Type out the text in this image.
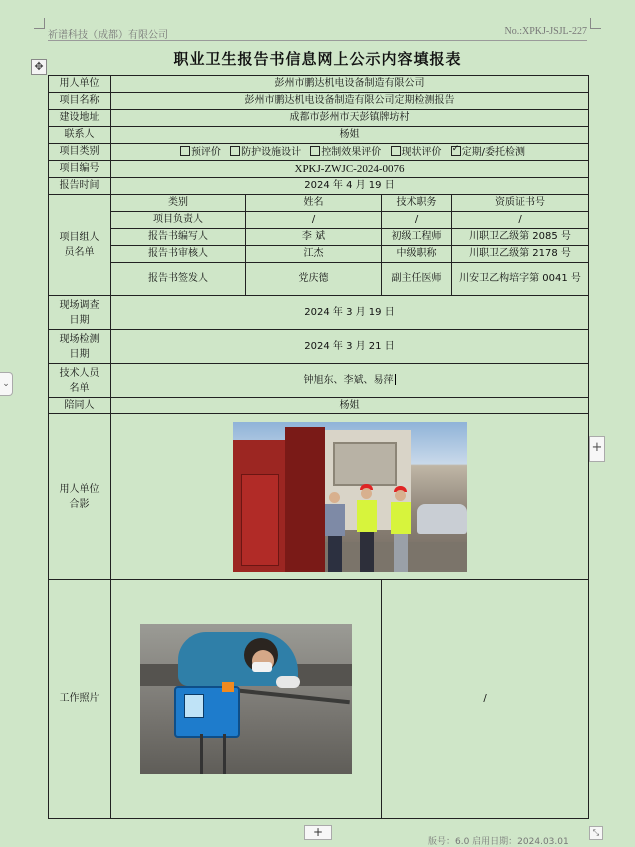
祈谱科技（成都）有限公司	No.:XPKJ-JSJL-227
职业卫生报告书信息网上公示内容填报表
✥
⌄
+
用人单位	彭州市鹏达机电设备制造有限公司			
项目名称	彭州市鹏达机电设备制造有限公司定期检测报告			
建设地址	成都市彭州市天彭镇牌坊村			
联系人	杨姐			
项目类别	预评价 防护设施设计 控制效果评价 现状评价 ✓ 定期/委托检测
项目编号	XPKJ-ZWJC-2024-0076			
报告时间	2024 年 4 月 19 日			
项目组人员名单	类别	姓名	技术职务	资质证书号
	项目负责人	/	/	/
	报告书编写人	李 斌	初级工程师	川职卫乙级第 2085 号
	报告书审核人	江杰	中级职称	川职卫乙级第 2178 号
	报告书签发人	党庆德	副主任医师	川安卫乙构培字第 0041 号
现场调查日期	2024 年 3 月 19 日			
现场检测日期	2024 年 3 月 21 日			
技术人员名单	钟旭东、李斌、易萍			
陪同人	杨姐			
用人单位合影				

工作照片			/	
+	⤡
版号：6.0 启用日期：2024.03.01
